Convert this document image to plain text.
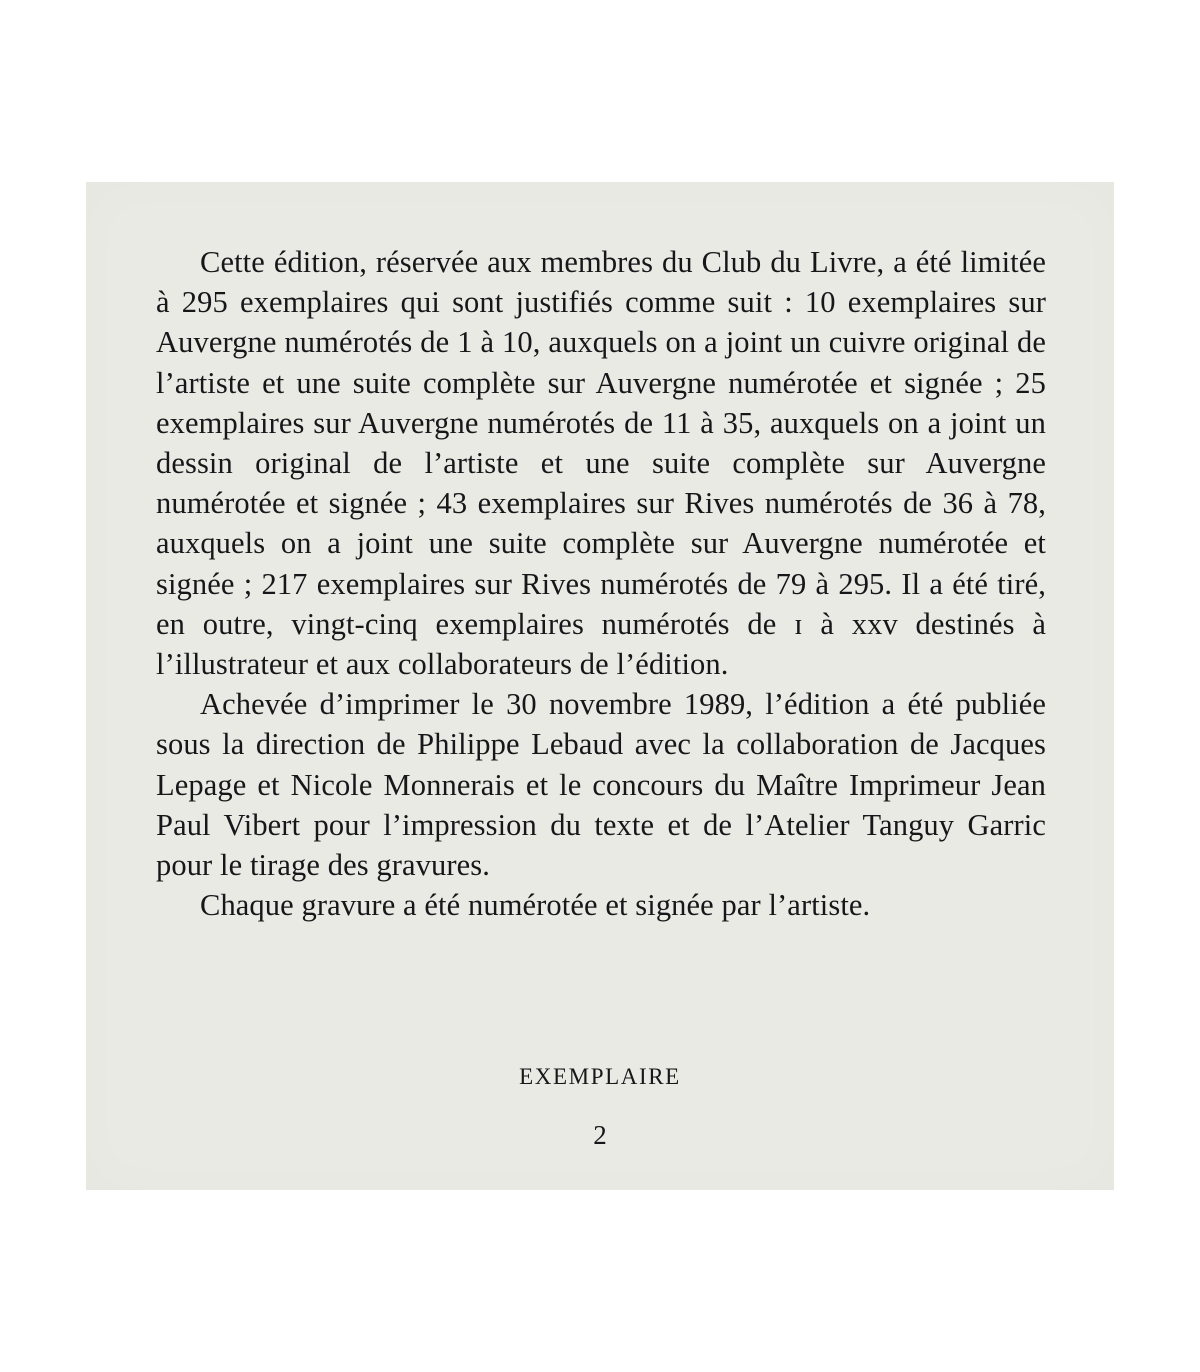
Cette édition, réservée aux membres du Club du Livre, a été limitée à 295 exemplaires qui sont justifiés comme suit : 10 exemplaires sur Auvergne numérotés de 1 à 10, auxquels on a joint un cuivre original de l’artiste et une suite complète sur Auvergne numérotée et signée ; 25 exemplaires sur Auvergne numérotés de 11 à 35, auxquels on a joint un dessin original de l’artiste et une suite complète sur Auvergne numérotée et signée ; 43 exemplaires sur Rives numérotés de 36 à 78, auxquels on a joint une suite complète sur Auvergne numérotée et signée ; 217 exemplaires sur Rives numérotés de 79 à 295. Il a été tiré, en outre, vingt-cinq exemplaires numérotés de ɪ à xxv destinés à l’illustrateur et aux collaborateurs de l’édition.

Achevée d’imprimer le 30 novembre 1989, l’édition a été publiée sous la direction de Philippe Lebaud avec la collaboration de Jacques Lepage et Nicole Monnerais et le concours du Maître Imprimeur Jean Paul Vibert pour l’impression du texte et de l’Atelier Tanguy Garric pour le tirage des gravures.

Chaque gravure a été numérotée et signée par l’artiste.

EXEMPLAIRE
2
